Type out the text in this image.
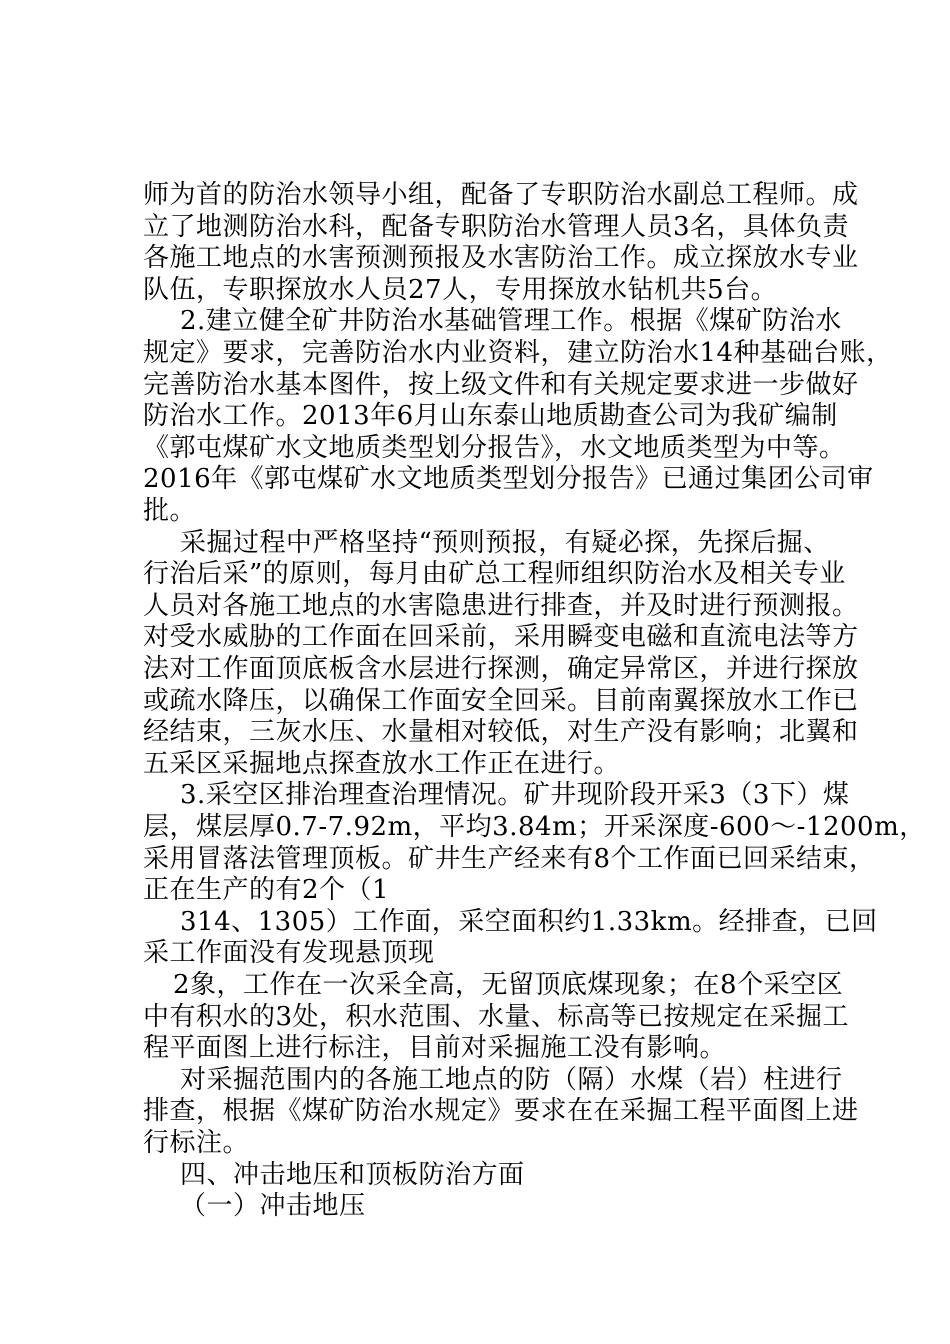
师为首的防治水领导小组，配备了专职防治水副总工程师。成
立了地测防治水科，配备专职防治水管理人员3名，具体负责
各施工地点的水害预测预报及水害防治工作。成立探放水专业
队伍，专职探放水人员27人，专用探放水钻机共5台。
2.建立健全矿井防治水基础管理工作。根据《煤矿防治水
规定》要求，完善防治水内业资料，建立防治水14种基础台账，
完善防治水基本图件，按上级文件和有关规定要求进一步做好
防治水工作。2013年6月山东泰山地质勘查公司为我矿编制
《郭屯煤矿水文地质类型划分报告》，水文地质类型为中等。
2016年《郭屯煤矿水文地质类型划分报告》已通过集团公司审
批。
采掘过程中严格坚持“预则预报，有疑必探，先探后掘、
行治后采”的原则，每月由矿总工程师组织防治水及相关专业
人员对各施工地点的水害隐患进行排查，并及时进行预测报。
对受水威胁的工作面在回采前，采用瞬变电磁和直流电法等方
法对工作面顶底板含水层进行探测，确定异常区，并进行探放
或疏水降压，以确保工作面安全回采。目前南翼探放水工作已
经结束，三灰水压、水量相对较低，对生产没有影响；北翼和
五采区采掘地点探查放水工作正在进行。
3.采空区排治理查治理情况。矿井现阶段开采3（3下）煤
层，煤层厚0.7-7.92m，平均3.84m；开采深度-600～-1200m，
采用冒落法管理顶板。矿井生产经来有8个工作面已回采结束，
正在生产的有2个（1
314、1305）工作面，采空面积约1.33km。经排查，已回
采工作面没有发现悬顶现
2象，工作在一次采全高，无留顶底煤现象；在8个采空区
中有积水的3处，积水范围、水量、标高等已按规定在采掘工
程平面图上进行标注，目前对采掘施工没有影响。
对采掘范围内的各施工地点的防（隔）水煤（岩）柱进行
排查，根据《煤矿防治水规定》要求在在采掘工程平面图上进
行标注。
四、冲击地压和顶板防治方面
（一）冲击地压
